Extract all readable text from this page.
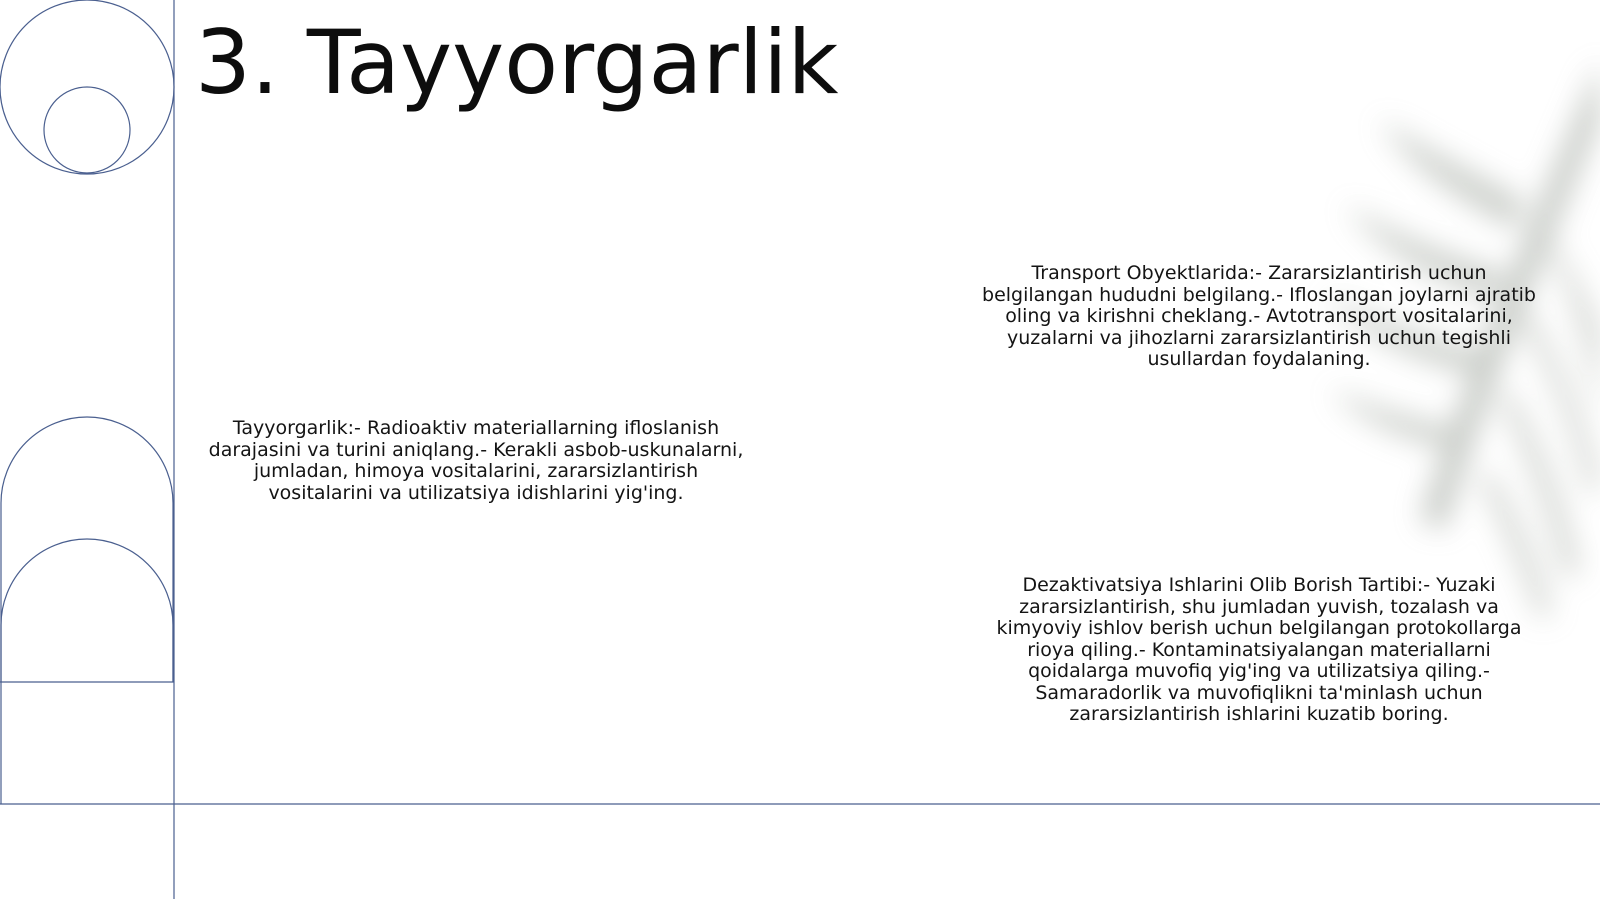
3. Tayyorgarlik

Tayyorgarlik:- Radioaktiv materiallarning ifloslanish darajasini va turini aniqlang.- Kerakli asbob-uskunalarni, jumladan, himoya vositalarini, zararsizlantirish vositalarini va utilizatsiya idishlarini yig'ing.

Transport Obyektlarida:- Zararsizlantirish uchun belgilangan hududni belgilang.- Ifloslangan joylarni ajratib oling va kirishni cheklang.- Avtotransport vositalarini, yuzalarni va jihozlarni zararsizlantirish uchun tegishli usullardan foydalaning.

Dezaktivatsiya Ishlarini Olib Borish Tartibi:- Yuzaki zararsizlantirish, shu jumladan yuvish, tozalash va kimyoviy ishlov berish uchun belgilangan protokollarga rioya qiling.- Kontaminatsiyalangan materiallarni qoidalarga muvofiq yig'ing va utilizatsiya qiling.- Samaradorlik va muvofiqlikni ta'minlash uchun zararsizlantirish ishlarini kuzatib boring.
